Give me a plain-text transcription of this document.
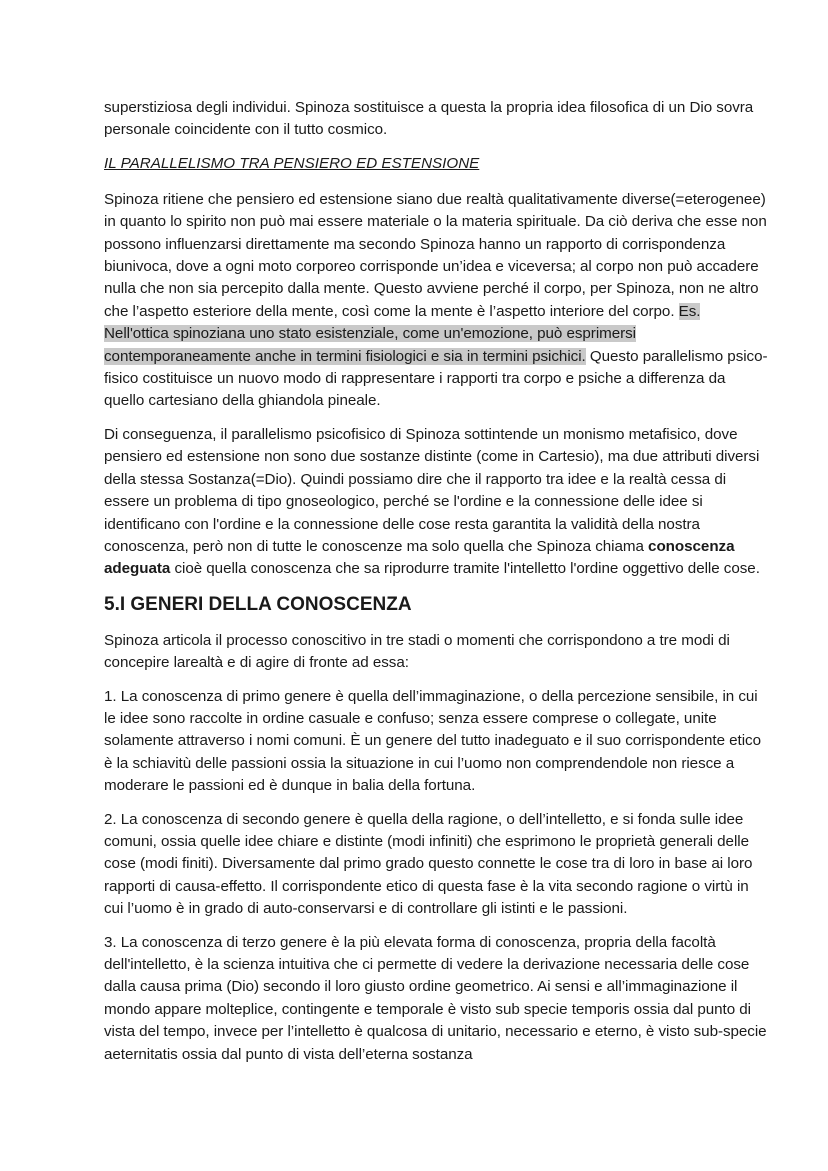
superstiziosa degli individui. Spinoza sostituisce a questa la propria idea filosofica di un Dio sovra personale coincidente con il tutto cosmico.

IL PARALLELISMO TRA PENSIERO ED ESTENSIONE

Spinoza ritiene che pensiero ed estensione siano due realtà qualitativamente diverse(=eterogenee) in quanto lo spirito non può mai essere materiale o la materia spirituale. Da ciò deriva che esse non possono influenzarsi direttamente ma secondo Spinoza hanno un rapporto di corrispondenza biunivoca, dove a ogni moto corporeo corrisponde un’idea e viceversa; al corpo non può accadere nulla che non sia percepito dalla mente. Questo avviene perché il corpo, per Spinoza, non ne altro che l’aspetto esteriore della mente, così come la mente è l’aspetto interiore del corpo. Es. Nell'ottica spinoziana uno stato esistenziale, come un'emozione, può esprimersi contemporaneamente anche in termini fisiologici e sia in termini psichici. Questo parallelismo psico-fisico costituisce un nuovo modo di rappresentare i rapporti tra corpo e psiche a differenza da quello cartesiano della ghiandola pineale.

Di conseguenza, il parallelismo psicofisico di Spinoza sottintende un monismo metafisico, dove pensiero ed estensione non sono due sostanze distinte (come in Cartesio), ma due attributi diversi della stessa Sostanza(=Dio). Quindi possiamo dire che il rapporto tra idee e la realtà cessa di essere un problema di tipo gnoseologico, perché se l'ordine e la connessione delle idee si identificano con l'ordine e la connessione delle cose resta garantita la validità della nostra conoscenza, però non di tutte le conoscenze ma solo quella che Spinoza chiama conoscenza adeguata cioè quella conoscenza che sa riprodurre tramite l'intelletto l'ordine oggettivo delle cose.

5.I GENERI DELLA CONOSCENZA

Spinoza articola il processo conoscitivo in tre stadi o momenti che corrispondono a tre modi di concepire larealtà e di agire di fronte ad essa:

1. La conoscenza di primo genere è quella dell’immaginazione, o della percezione sensibile, in cui le idee sono raccolte in ordine casuale e confuso; senza essere comprese o collegate, unite solamente attraverso i nomi comuni. È un genere del tutto inadeguato e il suo corrispondente etico è la schiavitù delle passioni ossia la situazione in cui l’uomo non comprendendole non riesce a moderare le passioni ed è dunque in balia della fortuna.

2. La conoscenza di secondo genere è quella della ragione, o dell’intelletto, e si fonda sulle idee comuni, ossia quelle idee chiare e distinte (modi infiniti) che esprimono le proprietà generali delle cose (modi finiti). Diversamente dal primo grado questo connette le cose tra di loro in base ai loro rapporti di causa-effetto. Il corrispondente etico di questa fase è la vita secondo ragione o virtù in cui l’uomo è in grado di auto-conservarsi e di controllare gli istinti e le passioni.

3. La conoscenza di terzo genere è la più elevata forma di conoscenza, propria della facoltà dell'intelletto, è la scienza intuitiva che ci permette di vedere la derivazione necessaria delle cose dalla causa prima (Dio) secondo il loro giusto ordine geometrico. Ai sensi e all’immaginazione il mondo appare molteplice, contingente e temporale è visto sub specie temporis ossia dal punto di vista del tempo, invece per l’intelletto è qualcosa di unitario, necessario e eterno, è visto sub-specie aeternitatis ossia dal punto di vista dell’eterna sostanza
